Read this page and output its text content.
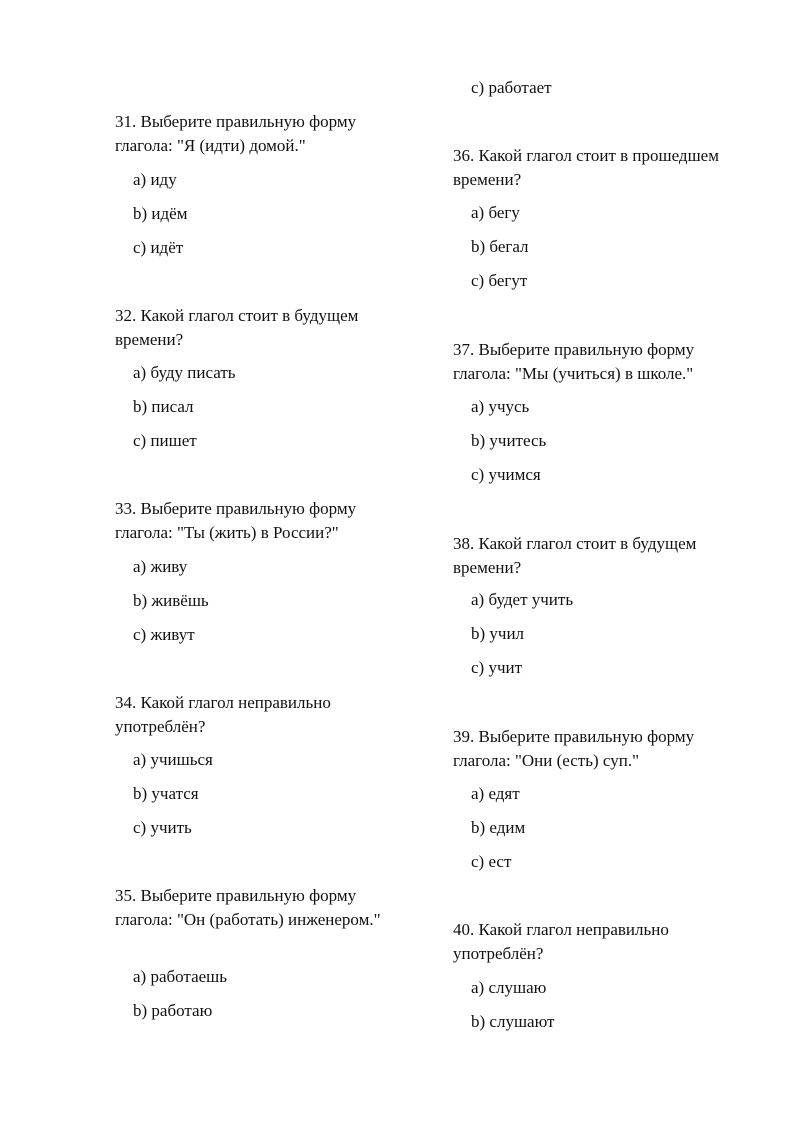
31. Выберите правильную форму глагола: "Я (идти) домой."

a) иду
b) идём
c) идёт

32. Какой глагол стоит в будущем времени?

a) буду писать
b) писал
c) пишет

33. Выберите правильную форму глагола: "Ты (жить) в России?"

a) живу
b) живёшь
c) живут

34. Какой глагол неправильно употреблён?

a) учишься
b) учатся
c) учить

35. Выберите правильную форму глагола: "Он (работать) инженером."

a) работаешь
b) работаю
c) работает

36. Какой глагол стоит в прошедшем времени?

a) бегу
b) бегал
c) бегут

37. Выберите правильную форму глагола: "Мы (учиться) в школе."

a) учусь
b) учитесь
c) учимся

38. Какой глагол стоит в будущем времени?

a) будет учить
b) учил
c) учит

39. Выберите правильную форму глагола: "Они (есть) суп."

a) едят
b) едим
c) ест

40. Какой глагол неправильно употреблён?

a) слушаю
b) слушают
